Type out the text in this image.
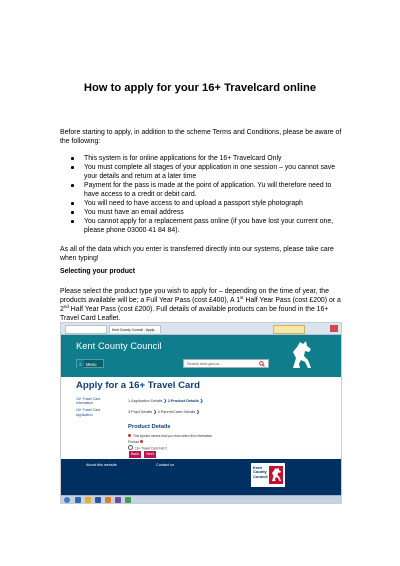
How to apply for your 16+ Travelcard online

Before starting to apply, in addition to the scheme Terms and Conditions, please be aware of the following:

This system is for online applications for the 16+ Travelcard Only
You must complete all stages of your application in one session – you cannot save your details and return at a later time
Payment for the pass is made at the point of application. Yu will therefore need to have access to a credit or debit card.
You will need to have access to and upload a passport style photograph
You must have an email address
You cannot apply for a replacement pass online (if you have lost your current one, please phone 03000 41 84 84).

As all of the data which you enter is transferred directly into our systems, please take care when typing!

Selecting your product

Please select the product type you wish to apply for – depending on the time of year, the products available will be; a Full Year Pass (cost £400), A 1st Half Year Pass (cost £200) or a 2nd Half Year Pass (cost £200). Full details of available products can be found in the 16+ Travel Card Leaflet.

Kent County Council - Apply...
Kent County Council
≡ Menu	Search kent.gov.uk...
Apply for a 16+ Travel Card
16+ Travel Card Information
16+ Travel Card Application
1.Application Details ❯ 2.Product Details ❯
3.Pupil Details ❯ 4.Parent/Carer Details ❯
Product Details
This symbol means that you must select this information
Product
16+ Travel Card Full Y...
Back	Next
About this website	Contact us	Kent
County
Council
